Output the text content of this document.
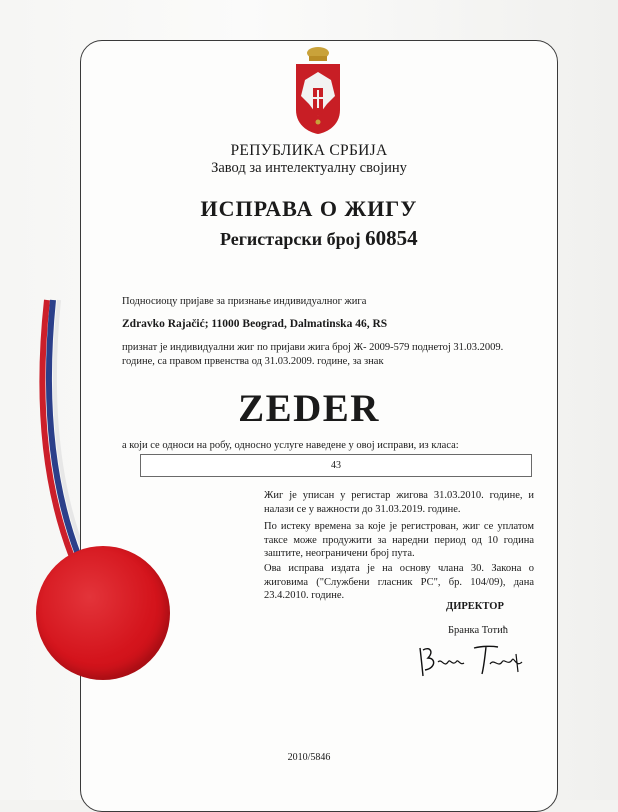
РЕПУБЛИКА СРБИЈА
Завод за интелектуалну својину
ИСПРАВА О ЖИГУ
Регистарски број 60854
Подносиоцу пријаве за признање индивидуалног жига
Zdravko Rajačić; 11000 Beograd, Dalmatinska 46, RS
признат је индивидуални жиг по пријави жига број Ж- 2009-579 поднетој 31.03.2009. године, са правом првенства од 31.03.2009. године, за знак
ZEDER
а који се односи на робу, односно услуге наведене у овој исправи, из класа:
43
Жиг је уписан у регистар жигова 31.03.2010. године, и налази се у важности до 31.03.2019. године.
По истеку времена за које је регистрован, жиг се уплатом таксе може продужити за наредни период од 10 година заштите, неограничени број пута.
Ова исправа издата је на основу члана 30. Закона о жиговима ("Службени гласник РС", бр. 104/09), дана 23.4.2010. године.
ДИРЕКТОР
Бранка Тотић
2010/5846
